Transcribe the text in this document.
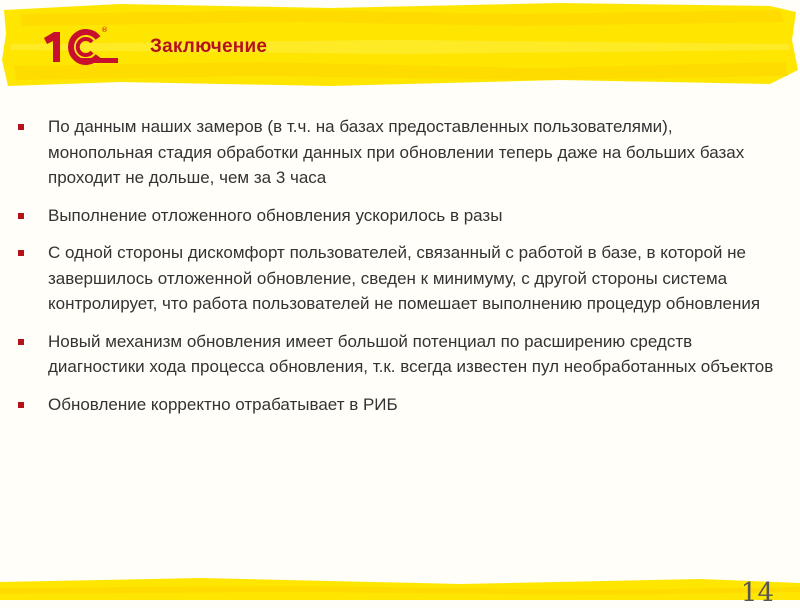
®
Заключение
По данным наших замеров (в т.ч. на базах предоставленных пользователями), монопольная стадия обработки данных при обновлении теперь даже на больших базах проходит не дольше, чем за 3 часа
Выполнение отложенного обновления ускорилось в разы
С одной стороны дискомфорт пользователей, связанный с работой в базе, в которой не завершилось отложенной обновление, сведен к минимуму, с другой стороны система контролирует, что работа пользователей не помешает выполнению процедур обновления
Новый механизм обновления имеет большой потенциал по расширению средств диагностики хода процесса обновления, т.к. всегда известен пул необработанных объектов
Обновление корректно отрабатывает в РИБ
14
